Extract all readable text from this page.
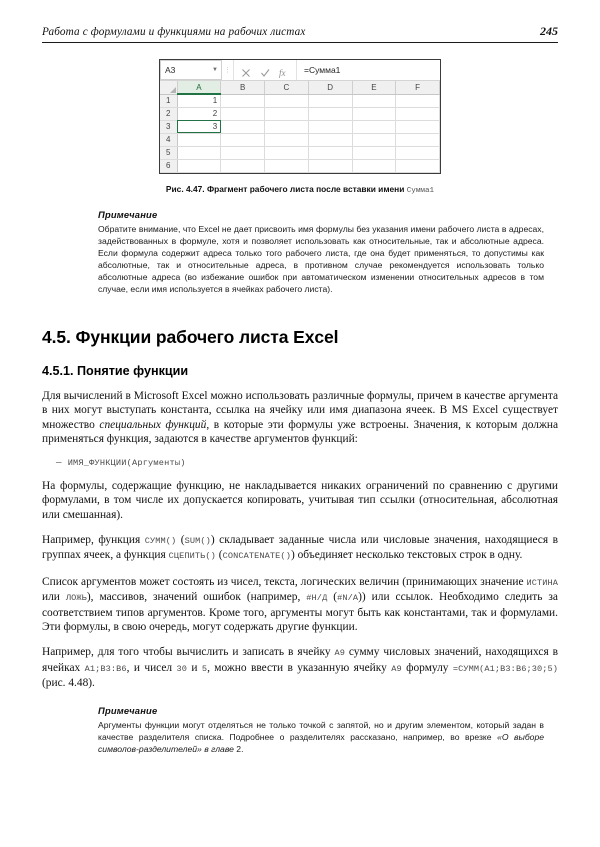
Работа с формулами и функциями на рабочих листах	245
A3	▼ ⋮	fx	=Сумма1
	A	B	C	D	E	F
1	1					
2	2					
3	3					
4						
5						
6						
Рис. 4.47. Фрагмент рабочего листа после вставки имени Сумма1
Примечание
Обратите внимание, что Excel не дает присвоить имя формулы без указания имени рабочего листа в адресах, задействованных в формуле, хотя и позволяет использовать как относительные, так и абсолютные адреса. Если формула содержит адреса только того рабочего листа, где она будет применяться, то допустимы как абсолютные, так и относительные адреса, в противном случае рекомендуется использовать только абсолютные адреса (во избежание ошибок при автоматическом изменении относительных адресов в том случае, если имя используется в ячейках рабочего листа).
4.5. Функции рабочего листа Excel
4.5.1. Понятие функции

Для вычислений в Microsoft Excel можно использовать различные формулы, причем в качестве аргумента в них могут выступать константа, ссылка на ячейку или имя диапазона ячеек. В MS Excel существует множество специальных функций, в которые эти формулы уже встроены. Значения, к которым должна применяться функция, задаются в качестве аргументов функций:

– ИМЯ_ФУНКЦИИ(Аргументы)

На формулы, содержащие функцию, не накладывается никаких ограничений по сравнению с другими формулами, в том числе их допускается копировать, учитывая тип ссылки (относительная, абсолютная или смешанная).

Например, функция СУММ() (SUM()) складывает заданные числа или числовые значения, находящиеся в группах ячеек, а функция СЦЕПИТЬ() (CONCATENATE()) объединяет несколько текстовых строк в одну.

Список аргументов может состоять из чисел, текста, логических величин (принимающих значение ИСТИНА или ЛОЖЬ), массивов, значений ошибок (например, #Н/Д (#N/A)) или ссылок. Необходимо следить за соответствием типов аргументов. Кроме того, аргументы могут быть как константами, так и формулами. Эти формулы, в свою очередь, могут содержать другие функции.

Например, для того чтобы вычислить и записать в ячейку A9 сумму числовых значений, находящихся в ячейках A1;B3:B6, и чисел 30 и 5, можно ввести в указанную ячейку A9 формулу =СУММ(A1;B3:B6;30;5) (рис. 4.48).

Примечание
Аргументы функции могут отделяться не только точкой с запятой, но и другим элементом, который задан в качестве разделителя списка. Подробнее о разделителях рассказано, например, во врезке «О выборе символов-разделителей» в главе 2.
